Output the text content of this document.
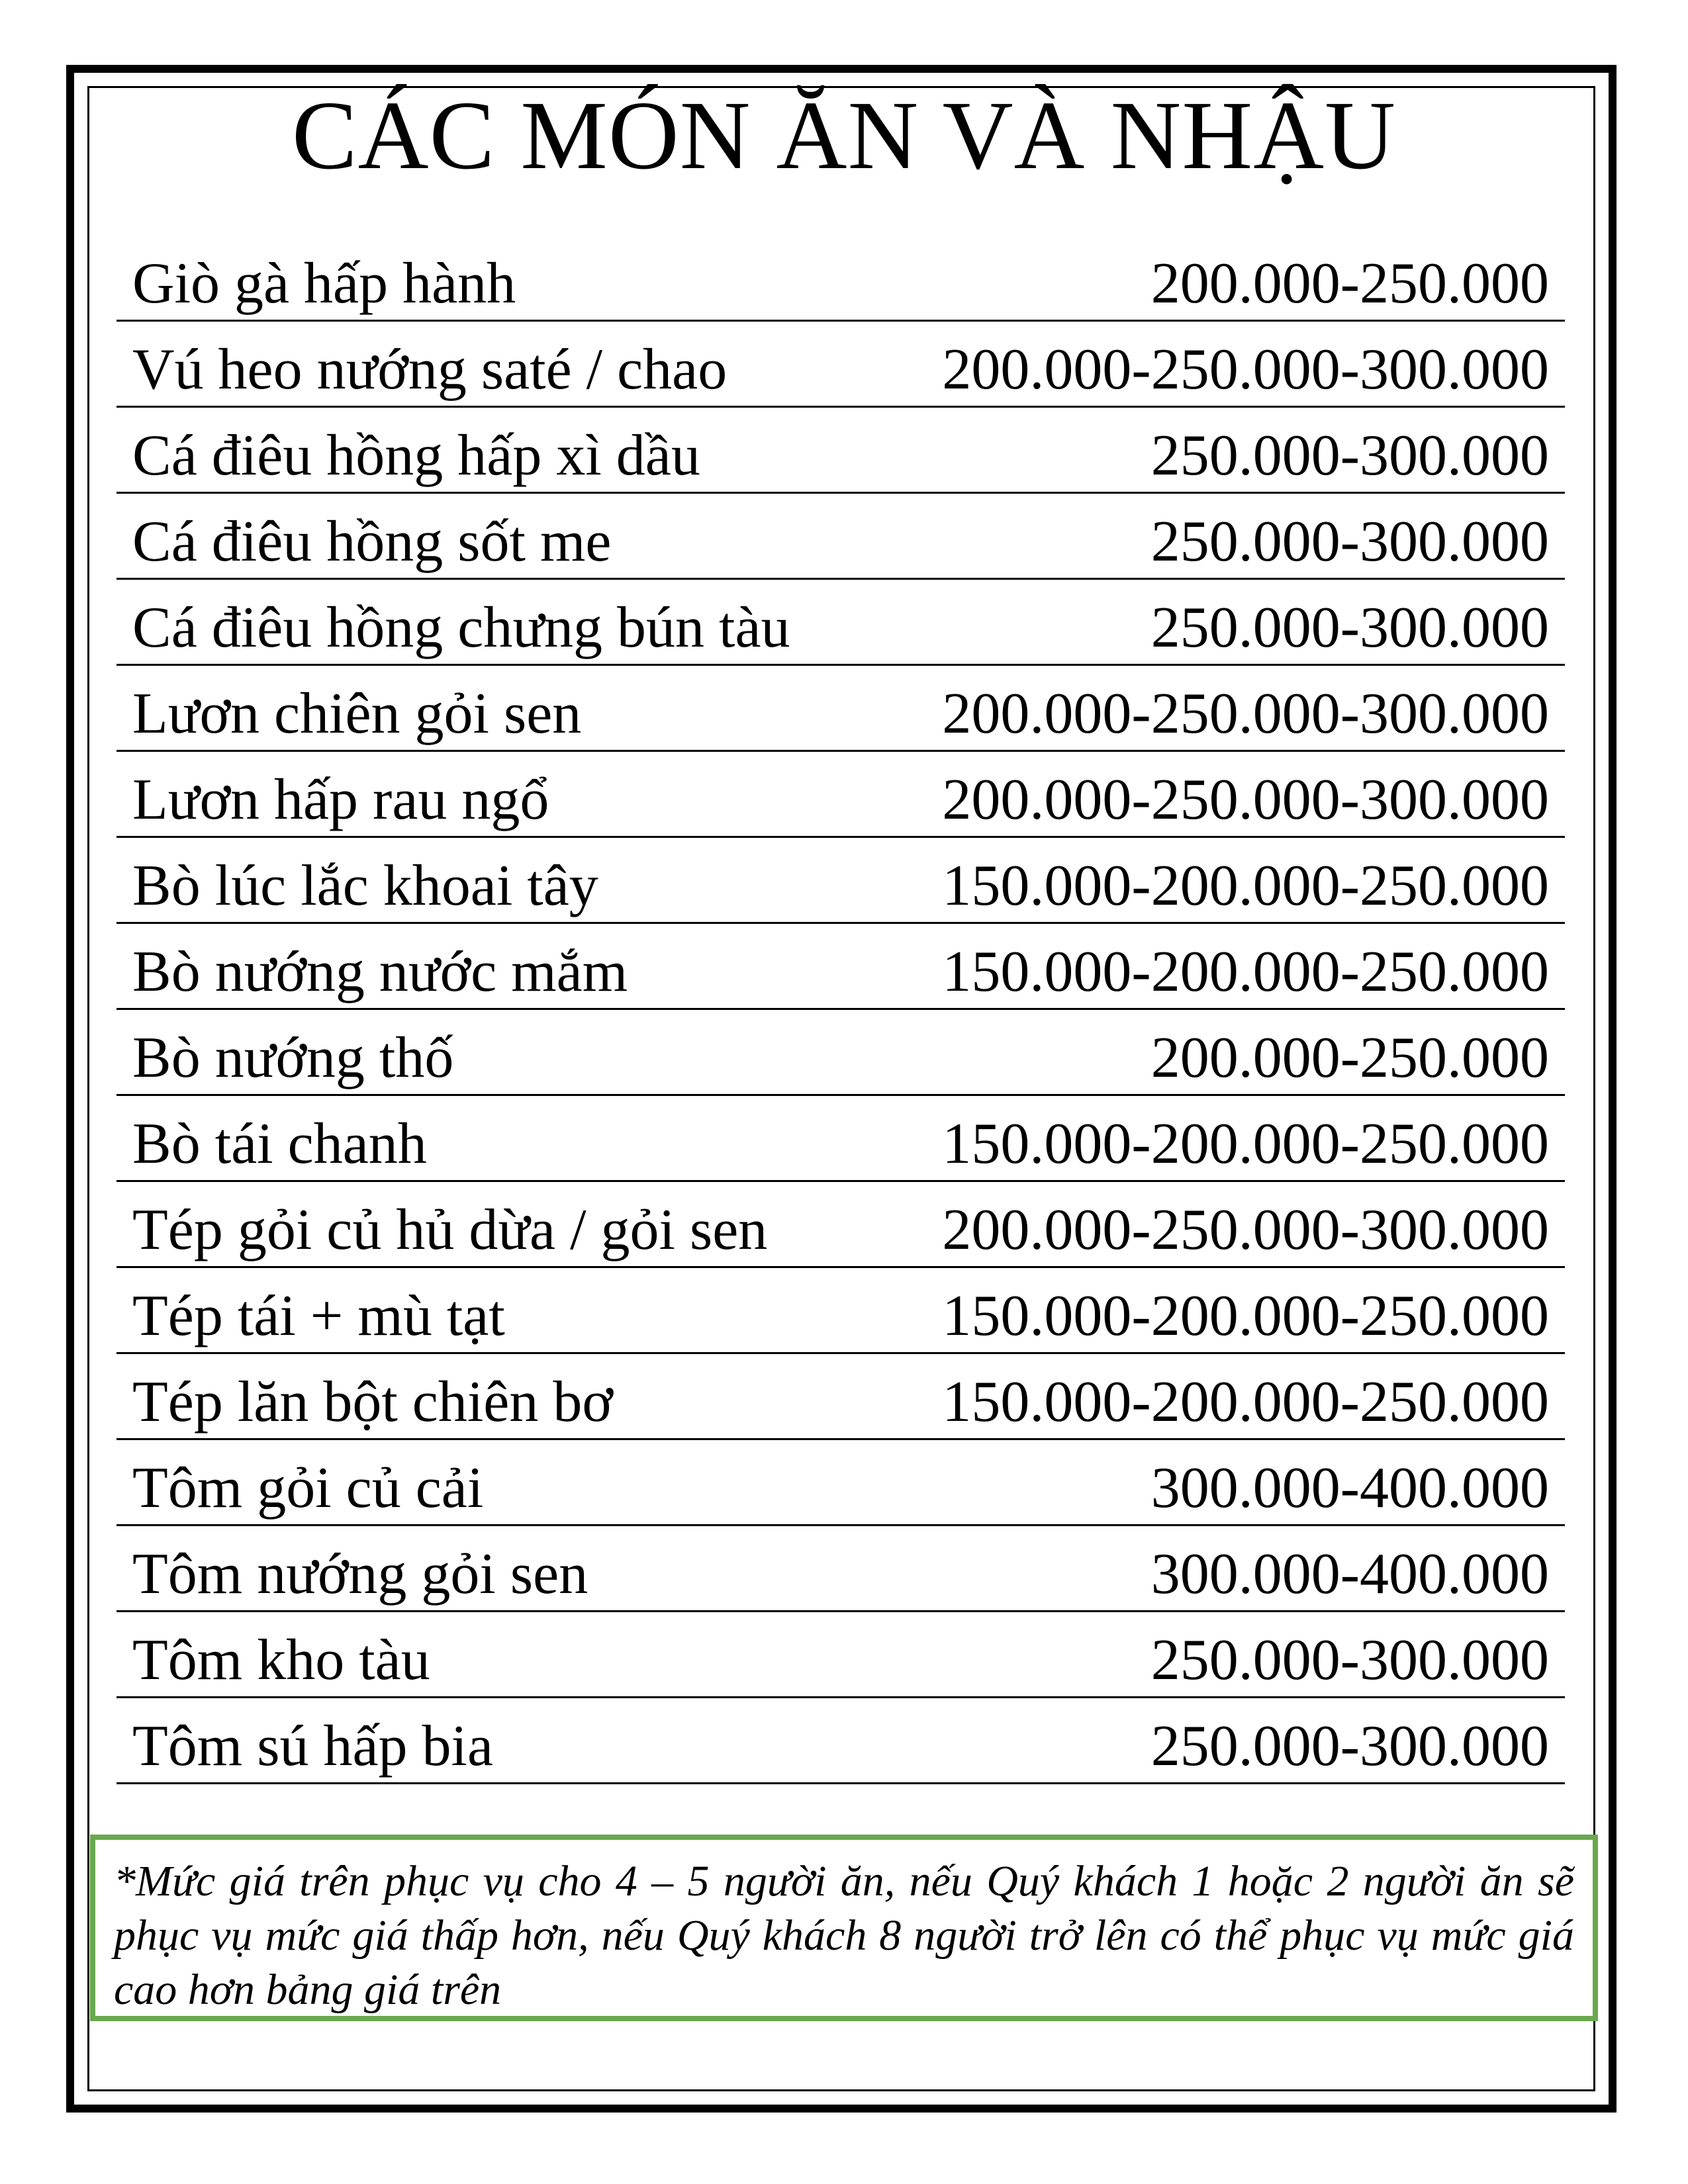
CÁC MÓN ĂN VÀ NHẬU
Giò gà hấp hành	200.000-250.000
Vú heo nướng saté / chao	200.000-250.000-300.000
Cá điêu hồng hấp xì dầu	250.000-300.000
Cá điêu hồng sốt me	250.000-300.000
Cá điêu hồng chưng bún tàu	250.000-300.000
Lươn chiên gỏi sen	200.000-250.000-300.000
Lươn hấp rau ngổ	200.000-250.000-300.000
Bò lúc lắc khoai tây	150.000-200.000-250.000
Bò nướng nước mắm	150.000-200.000-250.000
Bò nướng thố	200.000-250.000
Bò tái chanh	150.000-200.000-250.000
Tép gỏi củ hủ dừa / gỏi sen	200.000-250.000-300.000
Tép tái + mù tạt	150.000-200.000-250.000
Tép lăn bột chiên bơ	150.000-200.000-250.000
Tôm gỏi củ cải	300.000-400.000
Tôm nướng gỏi sen	300.000-400.000
Tôm kho tàu	250.000-300.000
Tôm sú hấp bia	250.000-300.000
*Mức giá trên phục vụ cho 4 – 5 người ăn, nếu Quý khách 1 hoặc 2 người ăn sẽ phục vụ mức giá thấp hơn, nếu Quý khách 8 người trở lên có thể phục vụ mức giá cao hơn bảng giá trên
